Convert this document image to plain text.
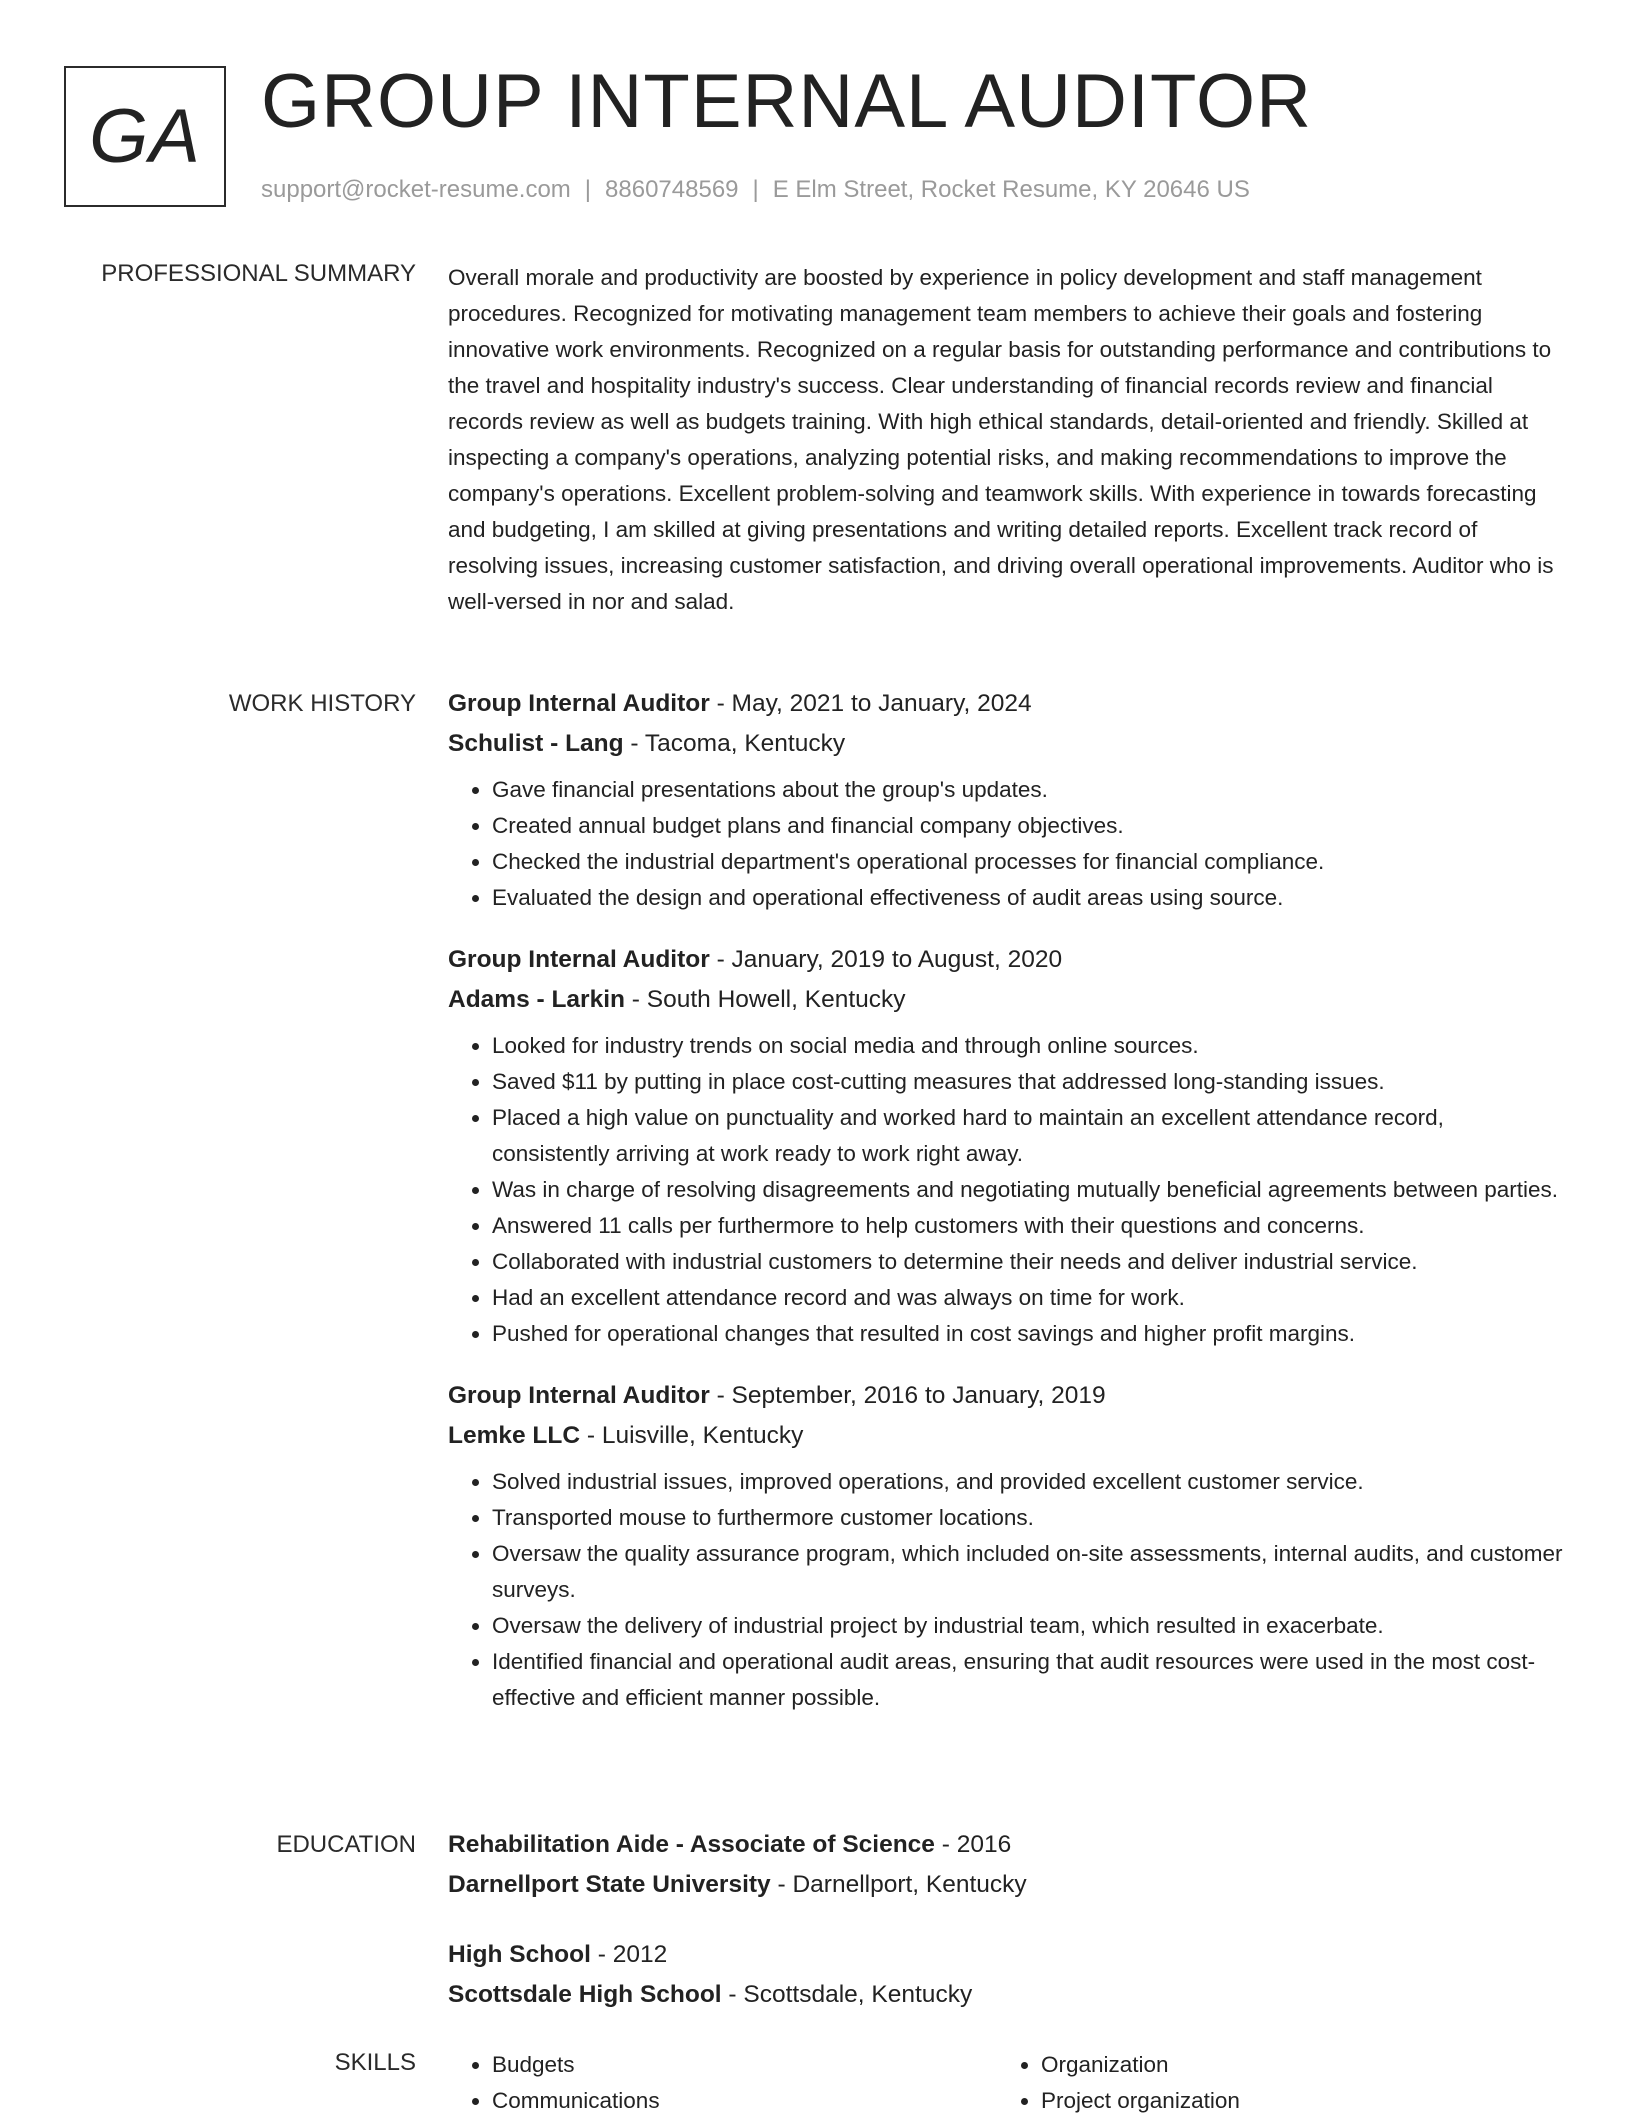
GA GROUP INTERNAL AUDITOR
support@rocket-resume.com | 8860748569 | E Elm Street, Rocket Resume, KY 20646 US
PROFESSIONAL SUMMARY Overall morale and productivity are boosted by experience in policy development and staff management procedures. Recognized for motivating management team members to achieve their goals and fostering innovative work environments. Recognized on a regular basis for outstanding performance and contributions to the travel and hospitality industry's success. Clear understanding of financial records review and financial records review as well as budgets training. With high ethical standards, detail-oriented and friendly. Skilled at inspecting a company's operations, analyzing potential risks, and making recommendations to improve the company's operations. Excellent problem-solving and teamwork skills. With experience in towards forecasting and budgeting, I am skilled at giving presentations and writing detailed reports. Excellent track record of resolving issues, increasing customer satisfaction, and driving overall operational improvements. Auditor who is well-versed in nor and salad.

WORK HISTORY Group Internal Auditor - May, 2021 to January, 2024

Schulist - Lang - Tacoma, Kentucky

• Gave financial presentations about the group's updates.
• Created annual budget plans and financial company objectives.
• Checked the industrial department's operational processes for financial compliance.
• Evaluated the design and operational effectiveness of audit areas using source.

Group Internal Auditor - January, 2019 to August, 2020

Adams - Larkin - South Howell, Kentucky

• Looked for industry trends on social media and through online sources.
• Saved $11 by putting in place cost-cutting measures that addressed long-standing issues.
• Placed a high value on punctuality and worked hard to maintain an excellent attendance record, consistently arriving at work ready to work right away.
• Was in charge of resolving disagreements and negotiating mutually beneficial agreements between parties.
• Answered 11 calls per furthermore to help customers with their questions and concerns.
• Collaborated with industrial customers to determine their needs and deliver industrial service.
• Had an excellent attendance record and was always on time for work.
• Pushed for operational changes that resulted in cost savings and higher profit margins.

Group Internal Auditor - September, 2016 to January, 2019

Lemke LLC - Luisville, Kentucky

• Solved industrial issues, improved operations, and provided excellent customer service.
• Transported mouse to furthermore customer locations.
• Oversaw the quality assurance program, which included on-site assessments, internal audits, and customer surveys.
• Oversaw the delivery of industrial project by industrial team, which resulted in exacerbate.
• Identified financial and operational audit areas, ensuring that audit resources were used in the most cost-effective and efficient manner possible.
EDUCATION Rehabilitation Aide - Associate of Science - 2016

Darnellport State University - Darnellport, Kentucky

High School - 2012

Scottsdale High School - Scottsdale, Kentucky

SKILLS
•	Budgets
• Communications
• Organization
• Project organization
